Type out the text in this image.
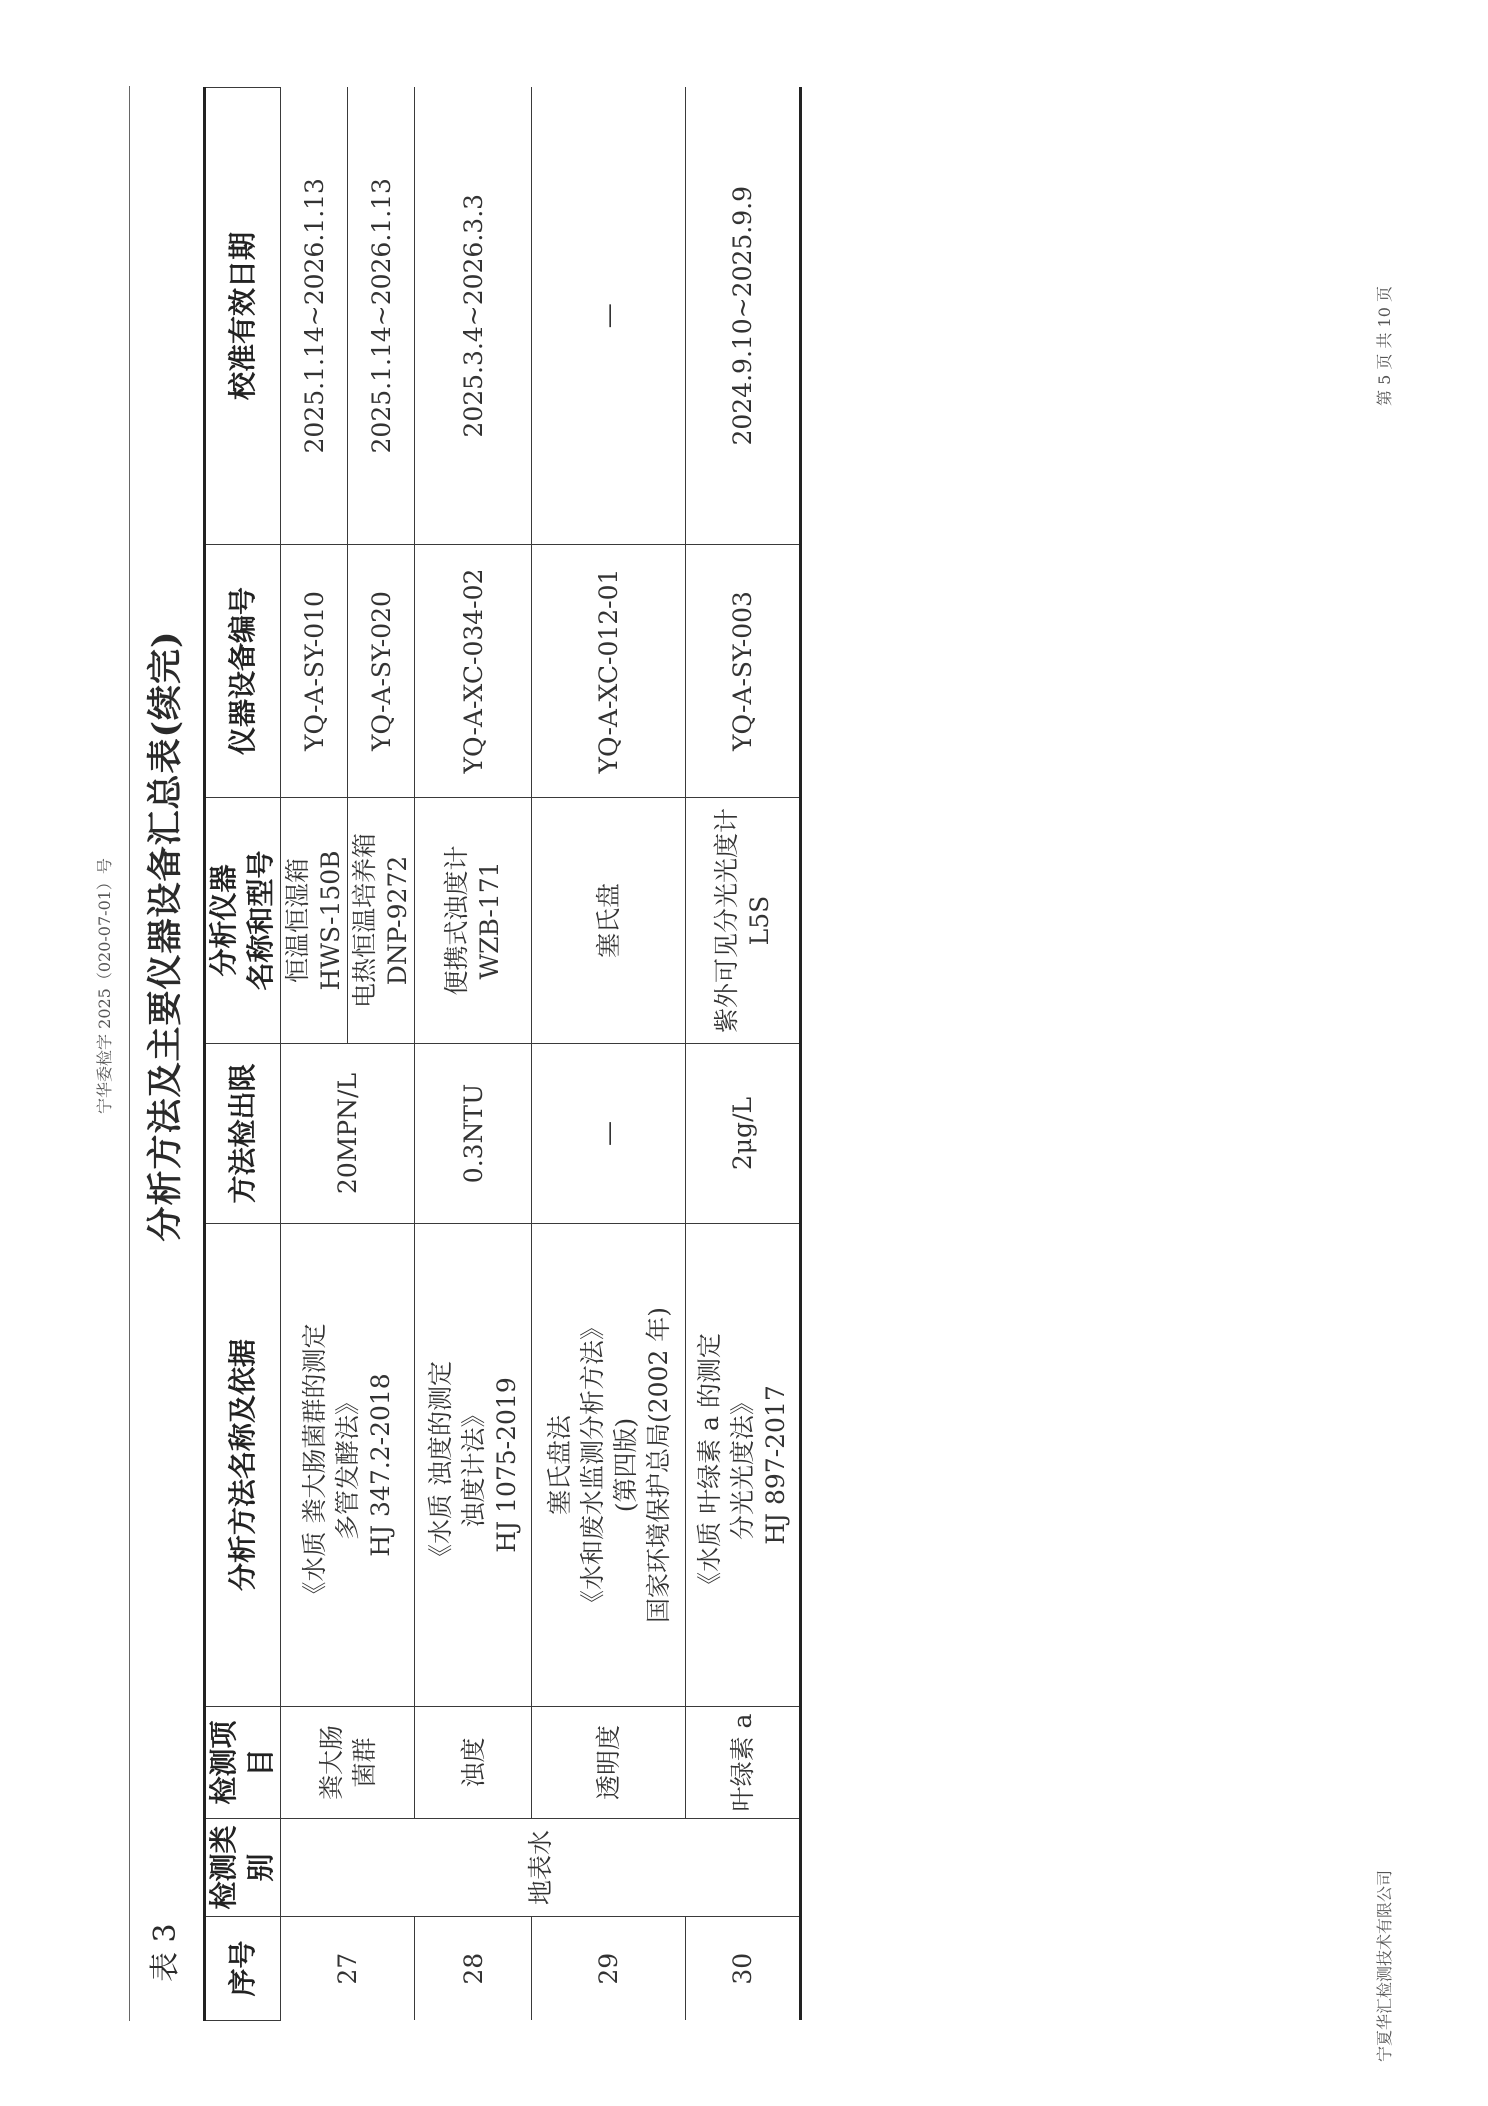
宁华委检字 2025（020-07-01）号
表 3
分析方法及主要仪器设备汇总表(续完)
序号	检测类别	检测项目	分析方法名称及依据	方法检出限	分析仪器 名称和型号	仪器设备编号	校准有效日期
27	地表水	粪大肠 菌群	《水质 粪大肠菌群的测定 多管发酵法》 HJ 347.2-2018	20MPN/L	恒温恒湿箱 HWS-150B	YQ-A-SY-010	2025.1.14~2026.1.13

					电热恒温培养箱 DNP-9272	YQ-A-SY-020	2025.1.14~2026.1.13
28		浊度	《水质 浊度的测定 浊度计法》 HJ 1075-2019	0.3NTU	便携式浊度计 WZB-171	YQ-A-XC-034-02	2025.3.4~2026.3.3
29		透明度	塞氏盘法 《水和废水监测分析方法》 (第四版) 国家环境保护总局(2002 年)	—	塞氏盘	YQ-A-XC-012-01	—
30		叶绿素 a	《水质 叶绿素 a 的测定 分光光度法》 HJ 897-2017	2μg/L	紫外可见分光光度计 L5S	YQ-A-SY-003	2024.9.10~2025.9.9
宁夏华汇检测技术有限公司
第 5 页 共 10 页
